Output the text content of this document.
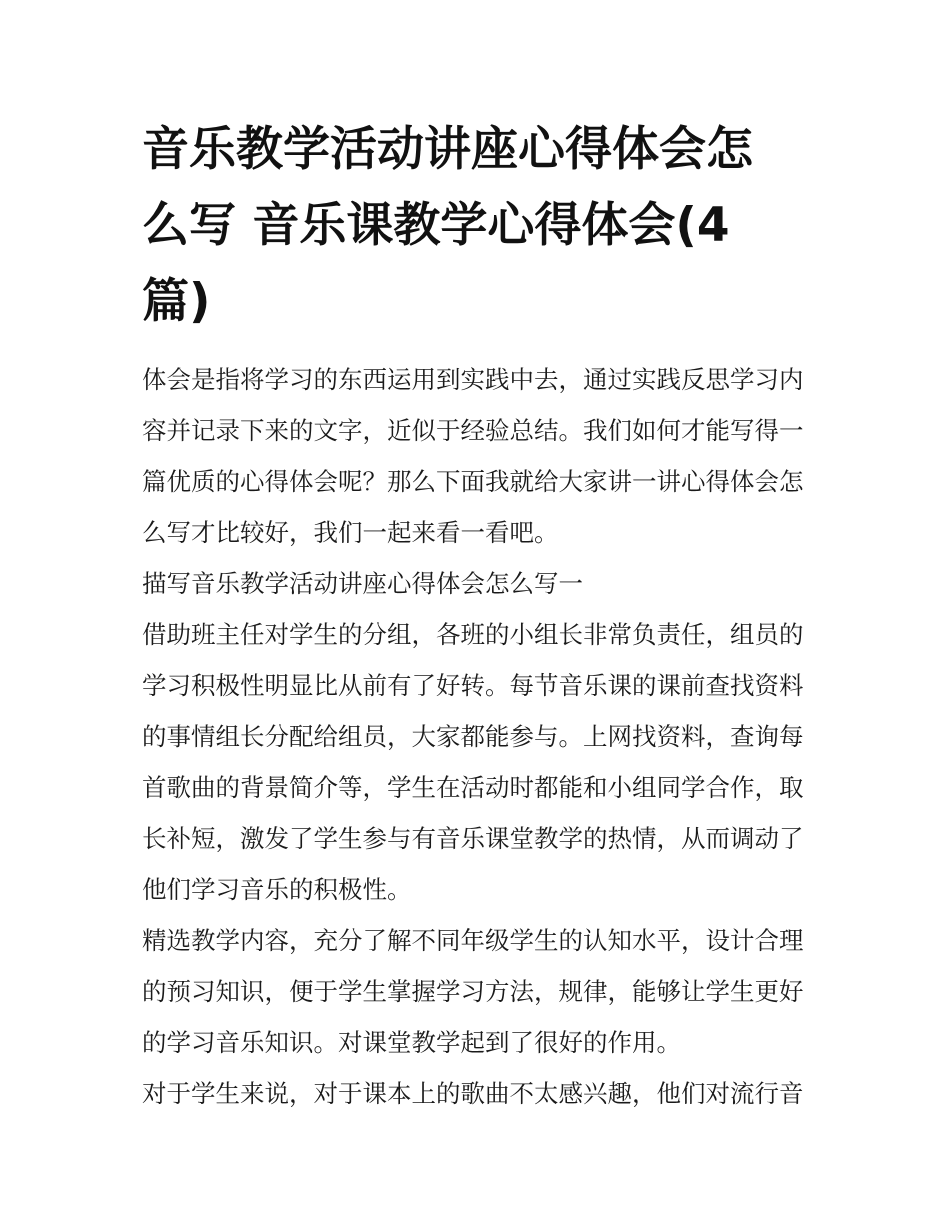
音乐教学活动讲座心得体会怎
么写 音乐课教学心得体会(4
篇)

体会是指将学习的东西运用到实践中去，通过实践反思学习内
容并记录下来的文字，近似于经验总结。我们如何才能写得一
篇优质的心得体会呢？那么下面我就给大家讲一讲心得体会怎
么写才比较好，我们一起来看一看吧。

描写音乐教学活动讲座心得体会怎么写一

借助班主任对学生的分组，各班的小组长非常负责任，组员的
学习积极性明显比从前有了好转。每节音乐课的课前查找资料
的事情组长分配给组员，大家都能参与。上网找资料，查询每
首歌曲的背景简介等，学生在活动时都能和小组同学合作，取
长补短，激发了学生参与有音乐课堂教学的热情，从而调动了
他们学习音乐的积极性。

精选教学内容，充分了解不同年级学生的认知水平，设计合理
的预习知识，便于学生掌握学习方法，规律，能够让学生更好
的学习音乐知识。对课堂教学起到了很好的作用。

对于学生来说，对于课本上的歌曲不太感兴趣，他们对流行音
